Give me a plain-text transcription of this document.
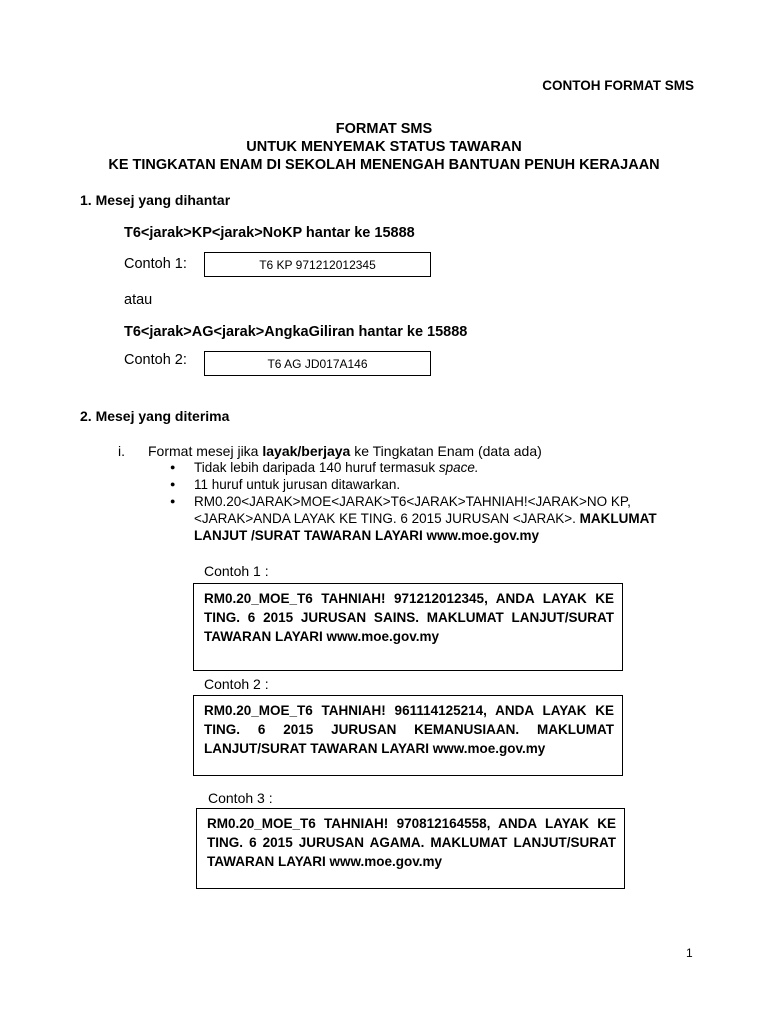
CONTOH FORMAT SMS
FORMAT SMS
UNTUK MENYEMAK STATUS TAWARAN
KE TINGKATAN ENAM DI SEKOLAH MENENGAH BANTUAN PENUH KERAJAAN
1. Mesej yang dihantar
T6<jarak>KP<jarak>NoKP hantar ke 15888
Contoh 1:	T6 KP 971212012345
atau
T6<jarak>AG<jarak>AngkaGiliran hantar ke 15888
Contoh 2:	T6 AG JD017A146
2. Mesej yang diterima
i. Format mesej jika layak/berjaya ke Tingkatan Enam (data ada)
● Tidak lebih daripada 140 huruf termasuk space.
● 11 huruf untuk jurusan ditawarkan.
● RM0.20<JARAK>MOE<JARAK>T6<JARAK>TAHNIAH!<JARAK>NO KP,<JARAK>ANDA LAYAK KE TING. 6 2015 JURUSAN <JARAK>. MAKLUMAT LANJUT /SURAT TAWARAN LAYARI www.moe.gov.my
Contoh 1 :
RM0.20_MOE_T6 TAHNIAH! 971212012345, ANDA LAYAK KE TING. 6 2015 JURUSAN SAINS. MAKLUMAT LANJUT/SURAT TAWARAN LAYARI www.moe.gov.my
Contoh 2 :
RM0.20_MOE_T6 TAHNIAH! 961114125214, ANDA LAYAK KE TING. 6 2015 JURUSAN KEMANUSIAAN. MAKLUMAT LANJUT/SURAT TAWARAN LAYARI www.moe.gov.my
Contoh 3 :
RM0.20_MOE_T6 TAHNIAH! 970812164558, ANDA LAYAK KE TING. 6 2015 JURUSAN AGAMA. MAKLUMAT LANJUT/SURAT TAWARAN LAYARI www.moe.gov.my
1
